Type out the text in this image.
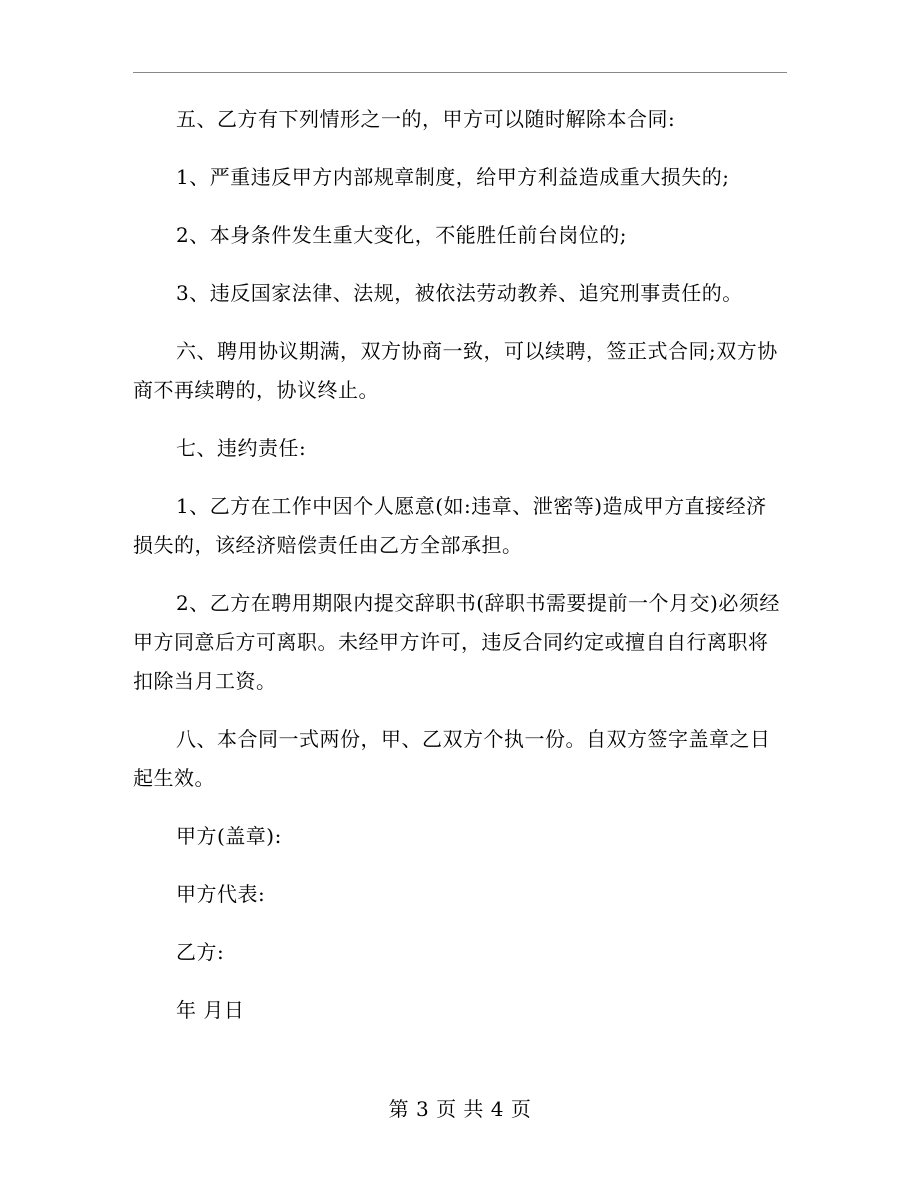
五、乙方有下列情形之一的，甲方可以随时解除本合同:

1、严重违反甲方内部规章制度，给甲方利益造成重大损失的;

2、本身条件发生重大变化，不能胜任前台岗位的;

3、违反国家法律、法规，被依法劳动教养、追究刑事责任的。

六、聘用协议期满，双方协商一致，可以续聘，签正式合同;双方协商不再续聘的，协议终止。

七、违约责任:

1、乙方在工作中因个人愿意(如:违章、泄密等)造成甲方直接经济损失的，该经济赔偿责任由乙方全部承担。

2、乙方在聘用期限内提交辞职书(辞职书需要提前一个月交)必须经甲方同意后方可离职。未经甲方许可，违反合同约定或擅自自行离职将扣除当月工资。

八、本合同一式两份，甲、乙双方个执一份。自双方签字盖章之日起生效。

甲方(盖章):

甲方代表:

乙方:

年 月日

第 3 页 共 4 页
